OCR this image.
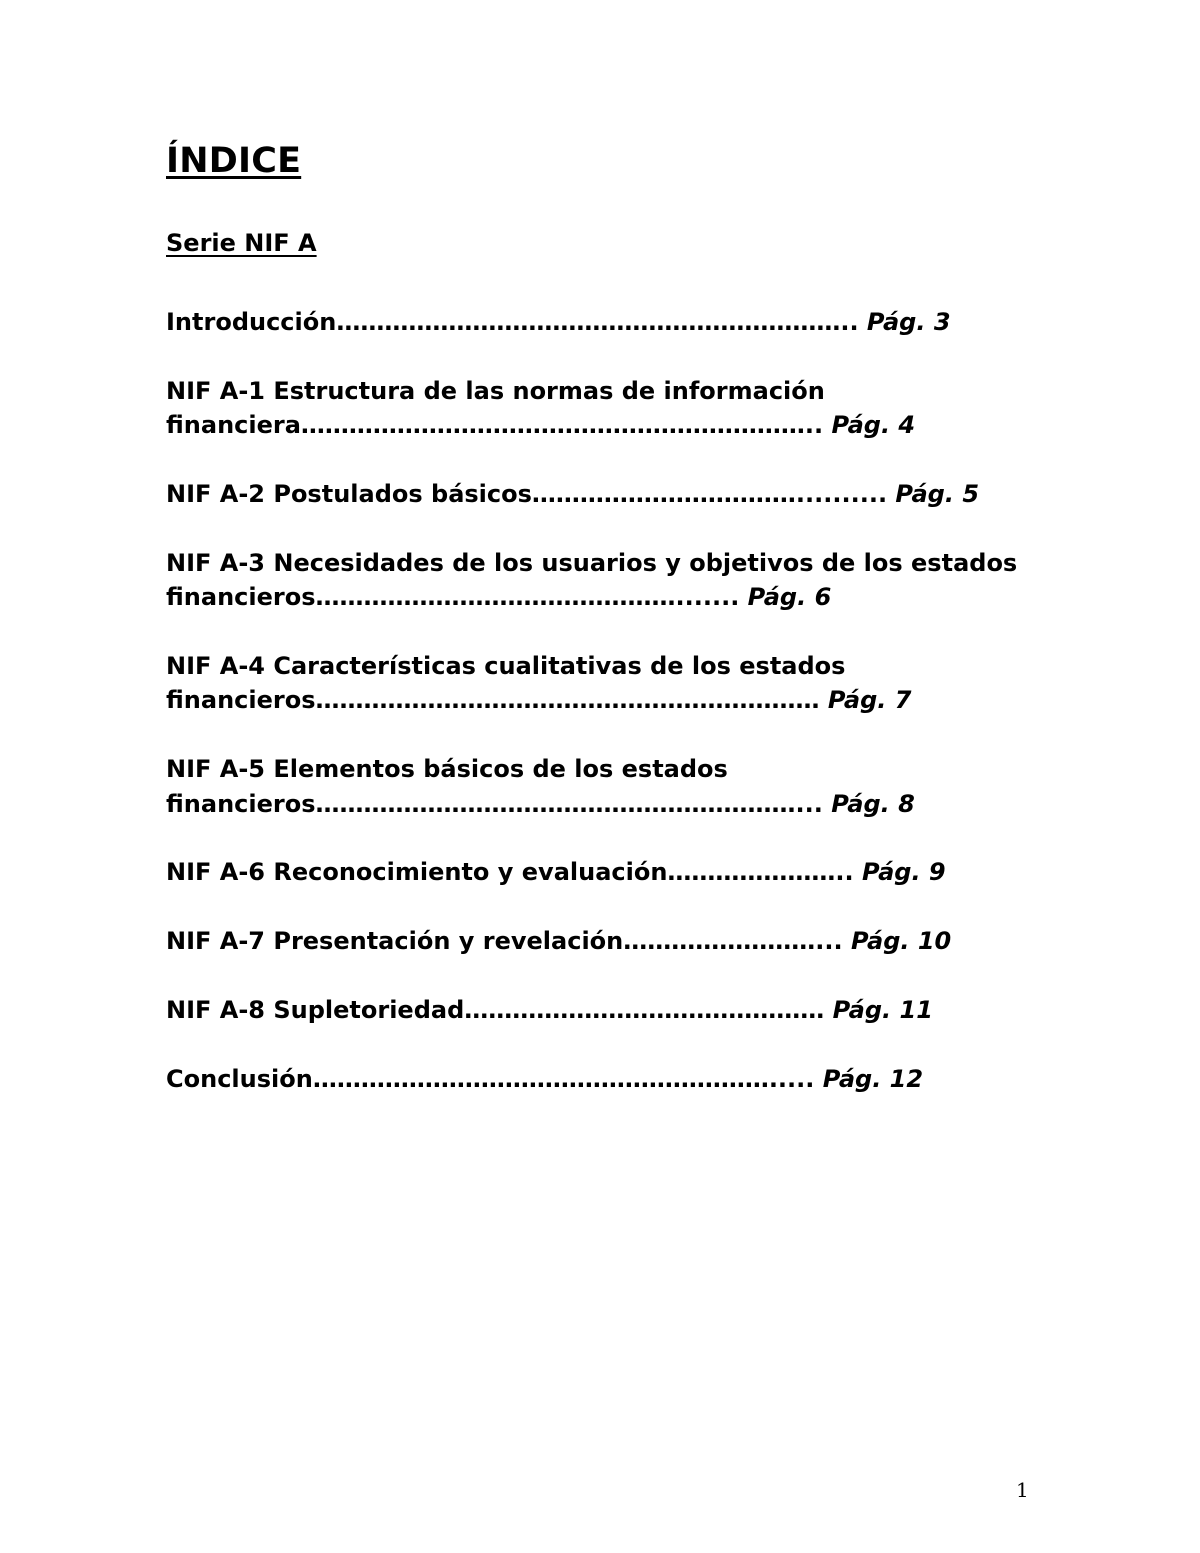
ÍNDICE
Serie NIF A
Introducción……………………………………………………….. Pág. 3
NIF A-1 Estructura de las normas de información financiera……………………………………………………….. Pág. 4
NIF A-2 Postulados básicos…………………………….......... Pág. 5
NIF A-3 Necesidades de los usuarios y objetivos de los estados financieros………………………………………....... Pág. 6
NIF A-4 Características cualitativas de los estados financieros……………………………………………………… Pág. 7
NIF A-5 Elementos básicos de los estados financieros……………………………………………………... Pág. 8
NIF A-6 Reconocimiento y evaluación………………….. Pág. 9
NIF A-7 Presentación y revelación……………………... Pág. 10
NIF A-8 Supletoriedad……………………………………… Pág. 11
Conclusión…………………………………………………..... Pág. 12
1
